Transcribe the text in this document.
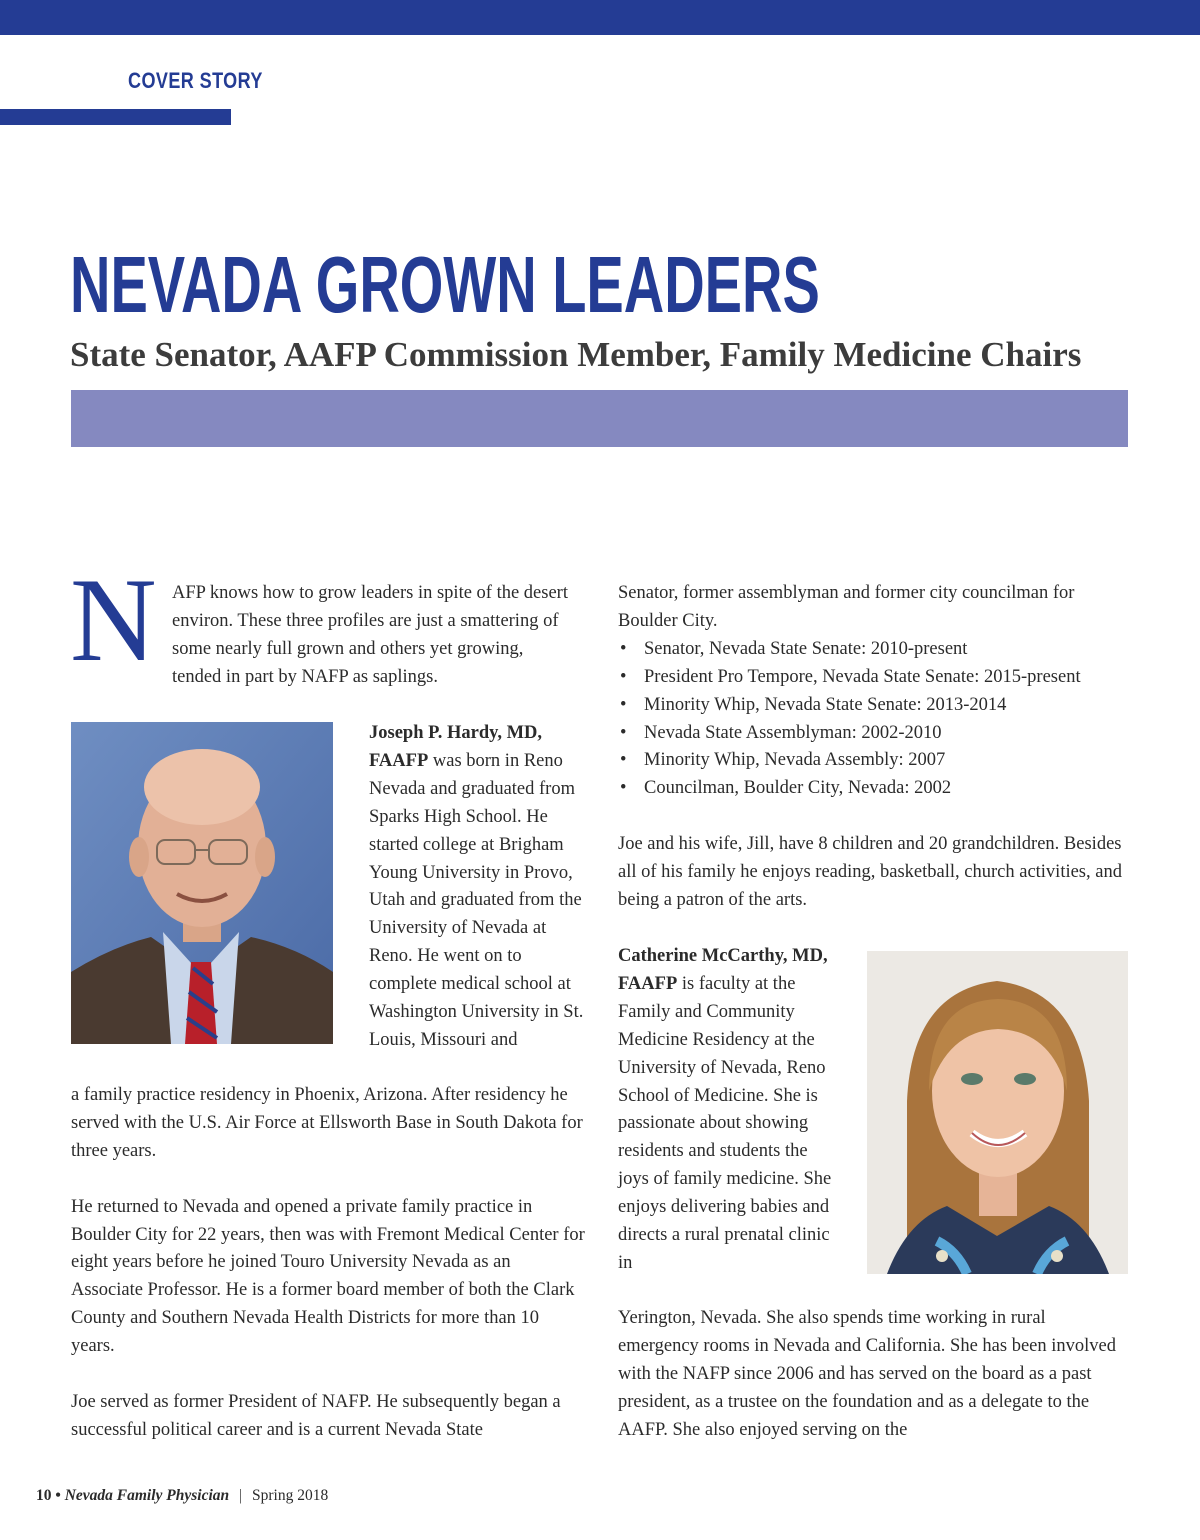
COVER STORY
NEVADA GROWN LEADERS
State Senator, AAFP Commission Member, Family Medicine Chairs
N AFP knows how to grow leaders in spite of the desert environ. These three profiles are just a smattering of some nearly full grown and others yet growing, tended in part by NAFP as saplings.

Joseph P. Hardy, MD, FAAFP was born in Reno Nevada and graduated from Sparks High School. He started college at Brigham Young University in Provo, Utah and graduated from the University of Nevada at Reno. He went on to complete medical school at Washington University in St. Louis, Missouri and

a family practice residency in Phoenix, Arizona. After residency he served with the U.S. Air Force at Ellsworth Base in South Dakota for three years.

He returned to Nevada and opened a private family practice in Boulder City for 22 years, then was with Fremont Medical Center for eight years before he joined Touro University Nevada as an Associate Professor. He is a former board member of both the Clark County and Southern Nevada Health Districts for more than 10 years.

Joe served as former President of NAFP. He subsequently began a successful political career and is a current Nevada State

Senator, former assemblyman and former city councilman for Boulder City.

• Senator, Nevada State Senate: 2010-present
• President Pro Tempore, Nevada State Senate: 2015-present
• Minority Whip, Nevada State Senate: 2013-2014
• Nevada State Assemblyman: 2002-2010
• Minority Whip, Nevada Assembly: 2007
• Councilman, Boulder City, Nevada: 2002

Joe and his wife, Jill, have 8 children and 20 grandchildren. Besides all of his family he enjoys reading, basketball, church activities, and being a patron of the arts.

Catherine McCarthy, MD, FAAFP is faculty at the Family and Community Medicine Residency at the University of Nevada, Reno School of Medicine. She is passionate about showing residents and students the joys of family medicine. She enjoys delivering babies and directs a rural prenatal clinic in

Yerington, Nevada. She also spends time working in rural emergency rooms in Nevada and California. She has been involved with the NAFP since 2006 and has served on the board as a past president, as a trustee on the foundation and as a delegate to the AAFP. She also enjoyed serving on the

10 • Nevada Family Physician | Spring 2018
